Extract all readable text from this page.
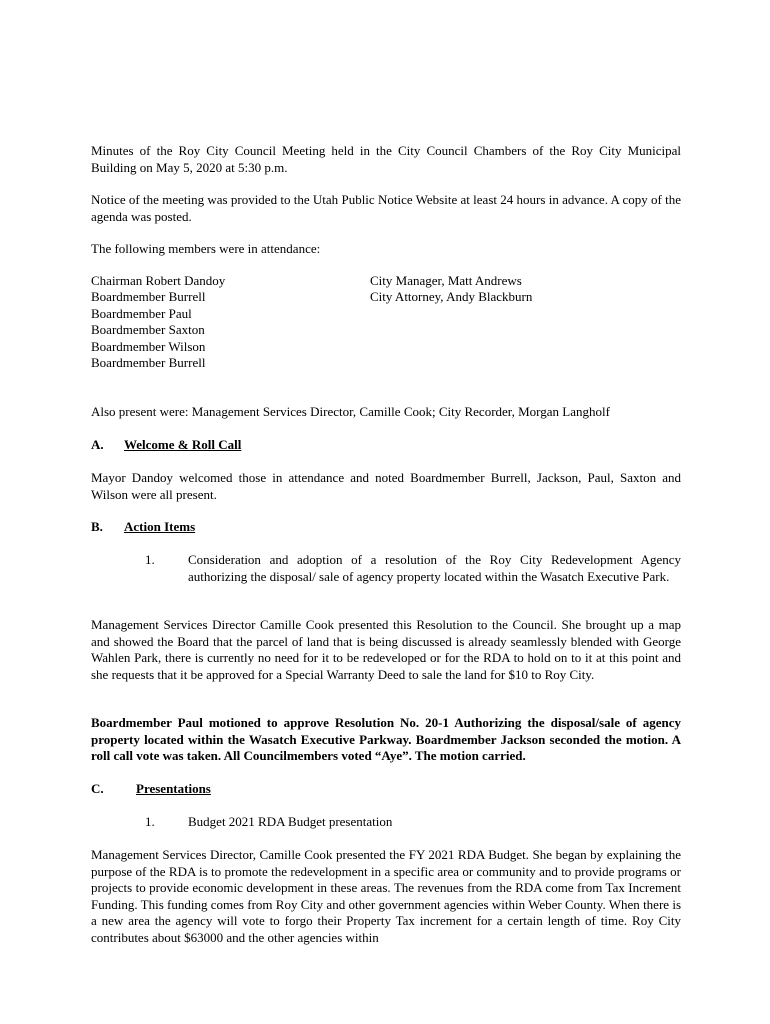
Minutes of the Roy City Council Meeting held in the City Council Chambers of the Roy City Municipal Building on May 5, 2020 at 5:30 p.m.

Notice of the meeting was provided to the Utah Public Notice Website at least 24 hours in advance. A copy of the agenda was posted.

The following members were in attendance:

Chairman Robert Dandoy
Boardmember Burrell
Boardmember Paul
Boardmember Saxton
Boardmember Wilson
Boardmember Burrell
City Manager, Matt Andrews
City Attorney, Andy Blackburn

Also present were: Management Services Director, Camille Cook; City Recorder, Morgan Langholf

A. Welcome & Roll Call

Mayor Dandoy welcomed those in attendance and noted Boardmember Burrell, Jackson, Paul, Saxton and Wilson were all present.

B. Action Items
1.	Consideration and adoption of a resolution of the Roy City Redevelopment Agency authorizing the disposal/ sale of agency property located within the Wasatch Executive Park.

Management Services Director Camille Cook presented this Resolution to the Council. She brought up a map and showed the Board that the parcel of land that is being discussed is already seamlessly blended with George Wahlen Park, there is currently no need for it to be redeveloped or for the RDA to hold on to it at this point and she requests that it be approved for a Special Warranty Deed to sale the land for $10 to Roy City.

Boardmember Paul motioned to approve Resolution No. 20-1 Authorizing the disposal/sale of agency property located within the Wasatch Executive Parkway. Boardmember Jackson seconded the motion. A roll call vote was taken. All Councilmembers voted “Aye”. The motion carried.

C. Presentations
1.	Budget 2021 RDA Budget presentation

Management Services Director, Camille Cook presented the FY 2021 RDA Budget. She began by explaining the purpose of the RDA is to promote the redevelopment in a specific area or community and to provide programs or projects to provide economic development in these areas. The revenues from the RDA come from Tax Increment Funding. This funding comes from Roy City and other government agencies within Weber County. When there is a new area the agency will vote to forgo their Property Tax increment for a certain length of time. Roy City contributes about $63000 and the other agencies within
